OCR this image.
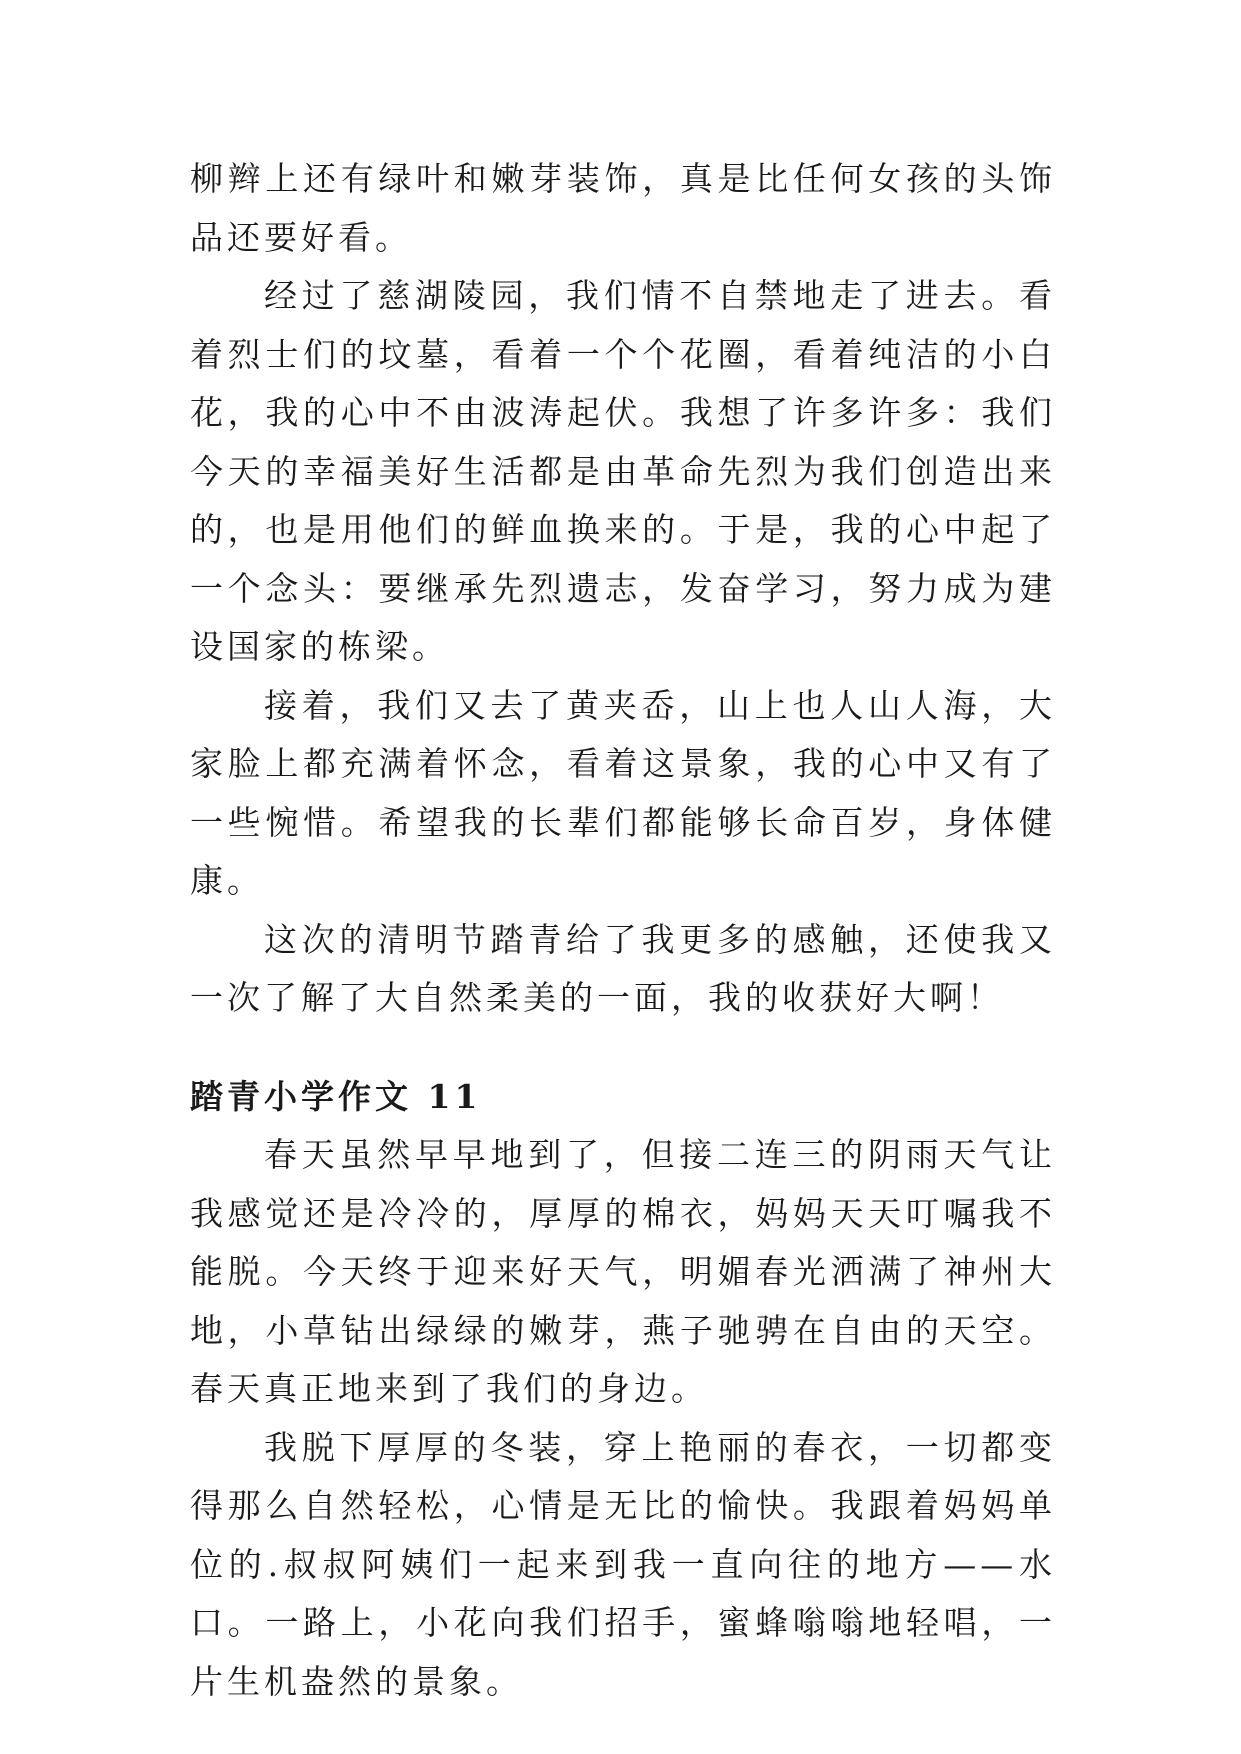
柳辫上还有绿叶和嫩芽装饰，真是比任何女孩的头饰品还要好看。

经过了慈湖陵园，我们情不自禁地走了进去。看着烈士们的坟墓，看着一个个花圈，看着纯洁的小白花，我的心中不由波涛起伏。我想了许多许多：我们今天的幸福美好生活都是由革命先烈为我们创造出来的，也是用他们的鲜血换来的。于是，我的心中起了一个念头：要继承先烈遗志，发奋学习，努力成为建设国家的栋梁。

接着，我们又去了黄夹岙，山上也人山人海，大家脸上都充满着怀念，看着这景象，我的心中又有了一些惋惜。希望我的长辈们都能够长命百岁，身体健康。

这次的清明节踏青给了我更多的感触，还使我又一次了解了大自然柔美的一面，我的收获好大啊！

踏青小学作文 11

春天虽然早早地到了，但接二连三的阴雨天气让我感觉还是冷冷的，厚厚的棉衣，妈妈天天叮嘱我不能脱。今天终于迎来好天气，明媚春光洒满了神州大地，小草钻出绿绿的嫩芽，燕子驰骋在自由的天空。春天真正地来到了我们的身边。

我脱下厚厚的冬装，穿上艳丽的春衣，一切都变得那么自然轻松，心情是无比的愉快。我跟着妈妈单位的.叔叔阿姨们一起来到我一直向往的地方——水口。一路上，小花向我们招手，蜜蜂嗡嗡地轻唱，一片生机盎然的景象。
